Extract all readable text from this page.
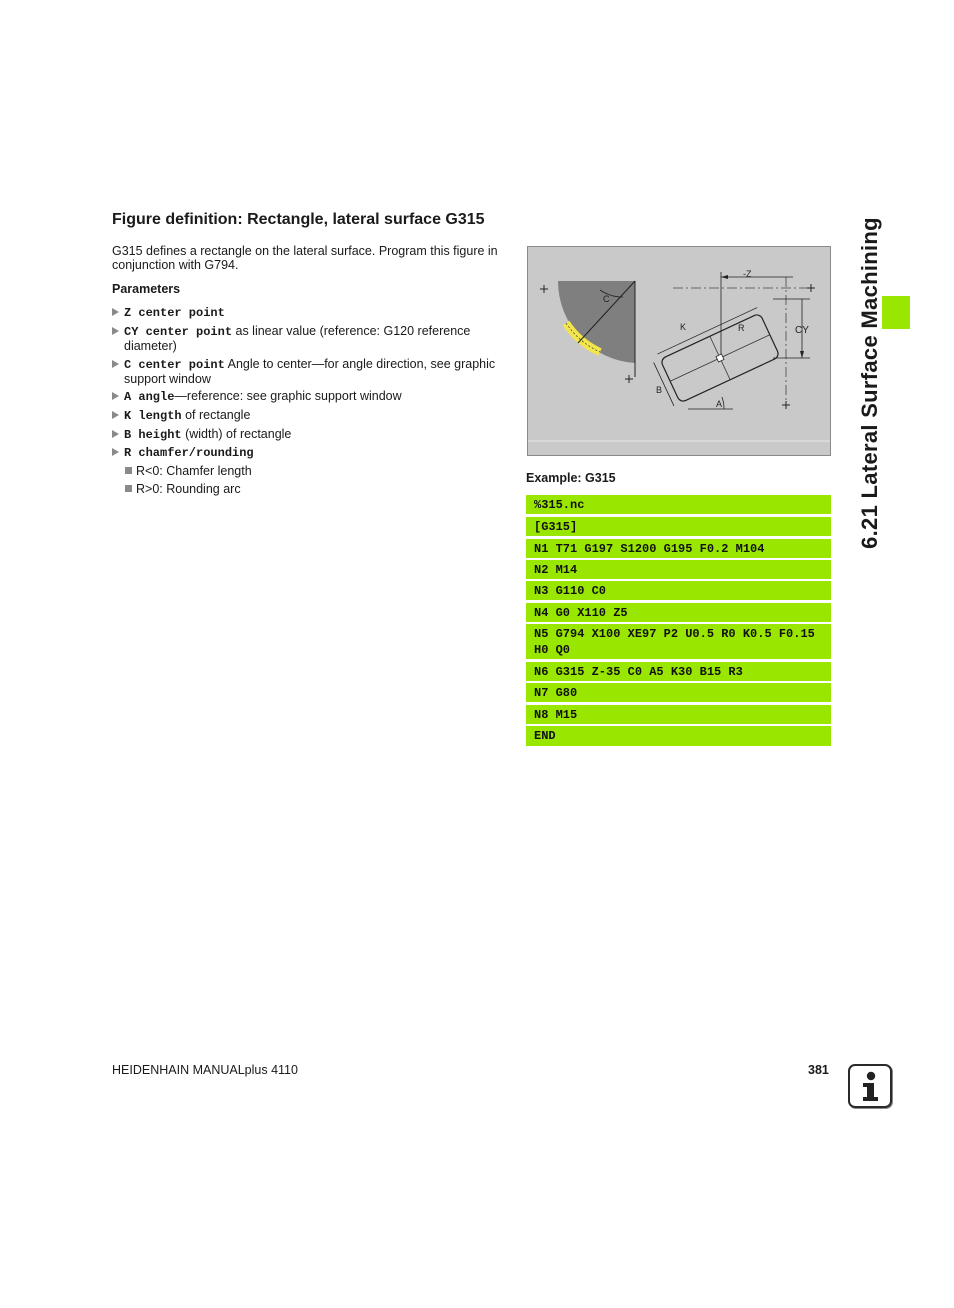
Figure definition: Rectangle, lateral surface G315

G315 defines a rectangle on the lateral surface. Program this figure in conjunction with G794.

Parameters

Z center point
CY center point as linear value (reference: G120 reference diameter)
C center point Angle to center—for angle direction, see graphic support window
A angle—reference: see graphic support window
K length of rectangle
B height (width) of rectangle
R chamfer/rounding
R<0: Chamfer length
R>0: Rounding arc
C
-Z
CY
K	R
B
A

Example: G315

%315.nc
[G315]
N1 T71 G197 S1200 G195 F0.2 M104
N2 M14
N3 G110 C0
N4 G0 X110 Z5
N5 G794 X100 XE97 P2 U0.5 R0 K0.5 F0.15 H0 Q0
N6 G315 Z-35 C0 A5 K30 B15 R3
N7 G80
N8 M15
END
6.21 Lateral Surface Machining

HEIDENHAIN MANUALplus 4110	381
